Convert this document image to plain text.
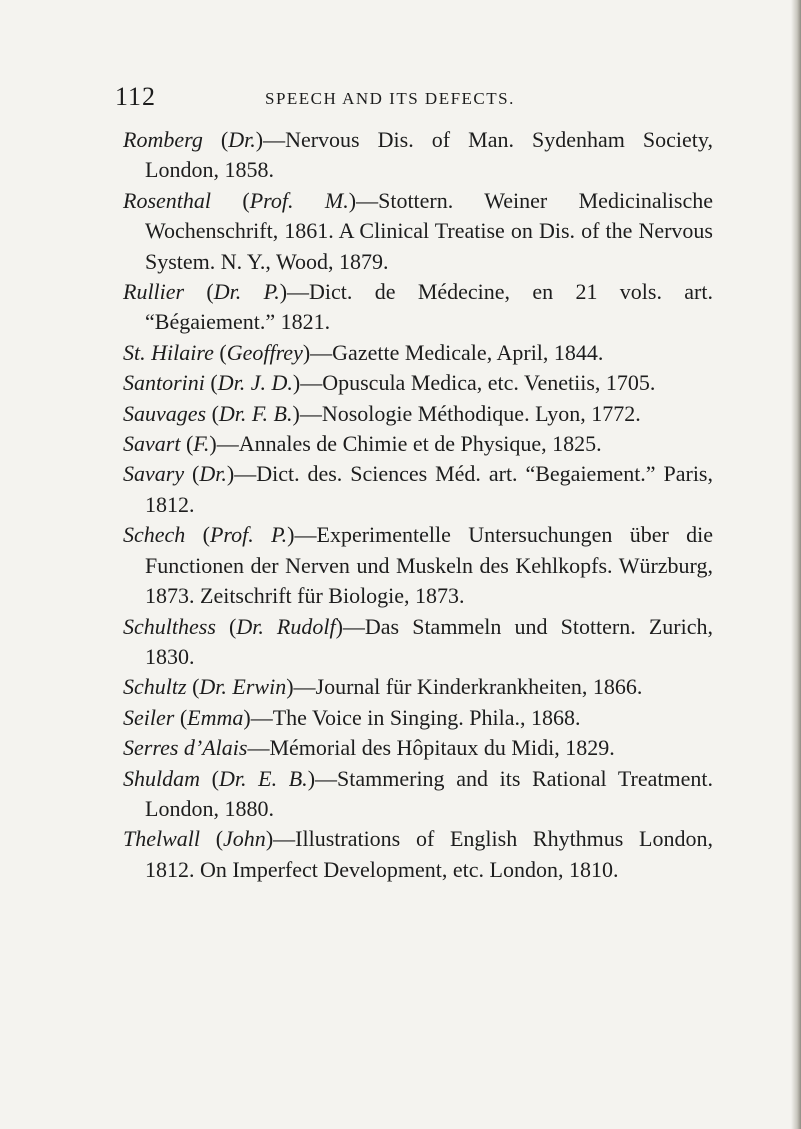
112	SPEECH AND ITS DEFECTS.

Romberg (Dr.)—Nervous Dis. of Man. Sydenham Society, London, 1858.

Rosenthal (Prof. M.)—Stottern. Weiner Medicinalische Wochenschrift, 1861. A Clinical Treatise on Dis. of the Nervous System. N. Y., Wood, 1879.

Rullier (Dr. P.)—Dict. de Médecine, en 21 vols. art. “Bégaiement.” 1821.

St. Hilaire (Geoffrey)—Gazette Medicale, April, 1844.

Santorini (Dr. J. D.)—Opuscula Medica, etc. Venetiis, 1705.

Sauvages (Dr. F. B.)—Nosologie Méthodique. Lyon, 1772.

Savart (F.)—Annales de Chimie et de Physique, 1825.

Savary (Dr.)—Dict. des. Sciences Méd. art. “Begaiement.” Paris, 1812.

Schech (Prof. P.)—Experimentelle Untersuchungen über die Functionen der Nerven und Muskeln des Kehlkopfs. Würzburg, 1873. Zeitschrift für Biologie, 1873.

Schulthess (Dr. Rudolf)—Das Stammeln und Stottern. Zurich, 1830.

Schultz (Dr. Erwin)—Journal für Kinderkrankheiten, 1866.

Seiler (Emma)—The Voice in Singing. Phila., 1868.

Serres d’Alais—Mémorial des Hôpitaux du Midi, 1829.

Shuldam (Dr. E. B.)—Stammering and its Rational Treatment. London, 1880.

Thelwall (John)—Illustrations of English Rhythmus London, 1812. On Imperfect Development, etc. London, 1810.
